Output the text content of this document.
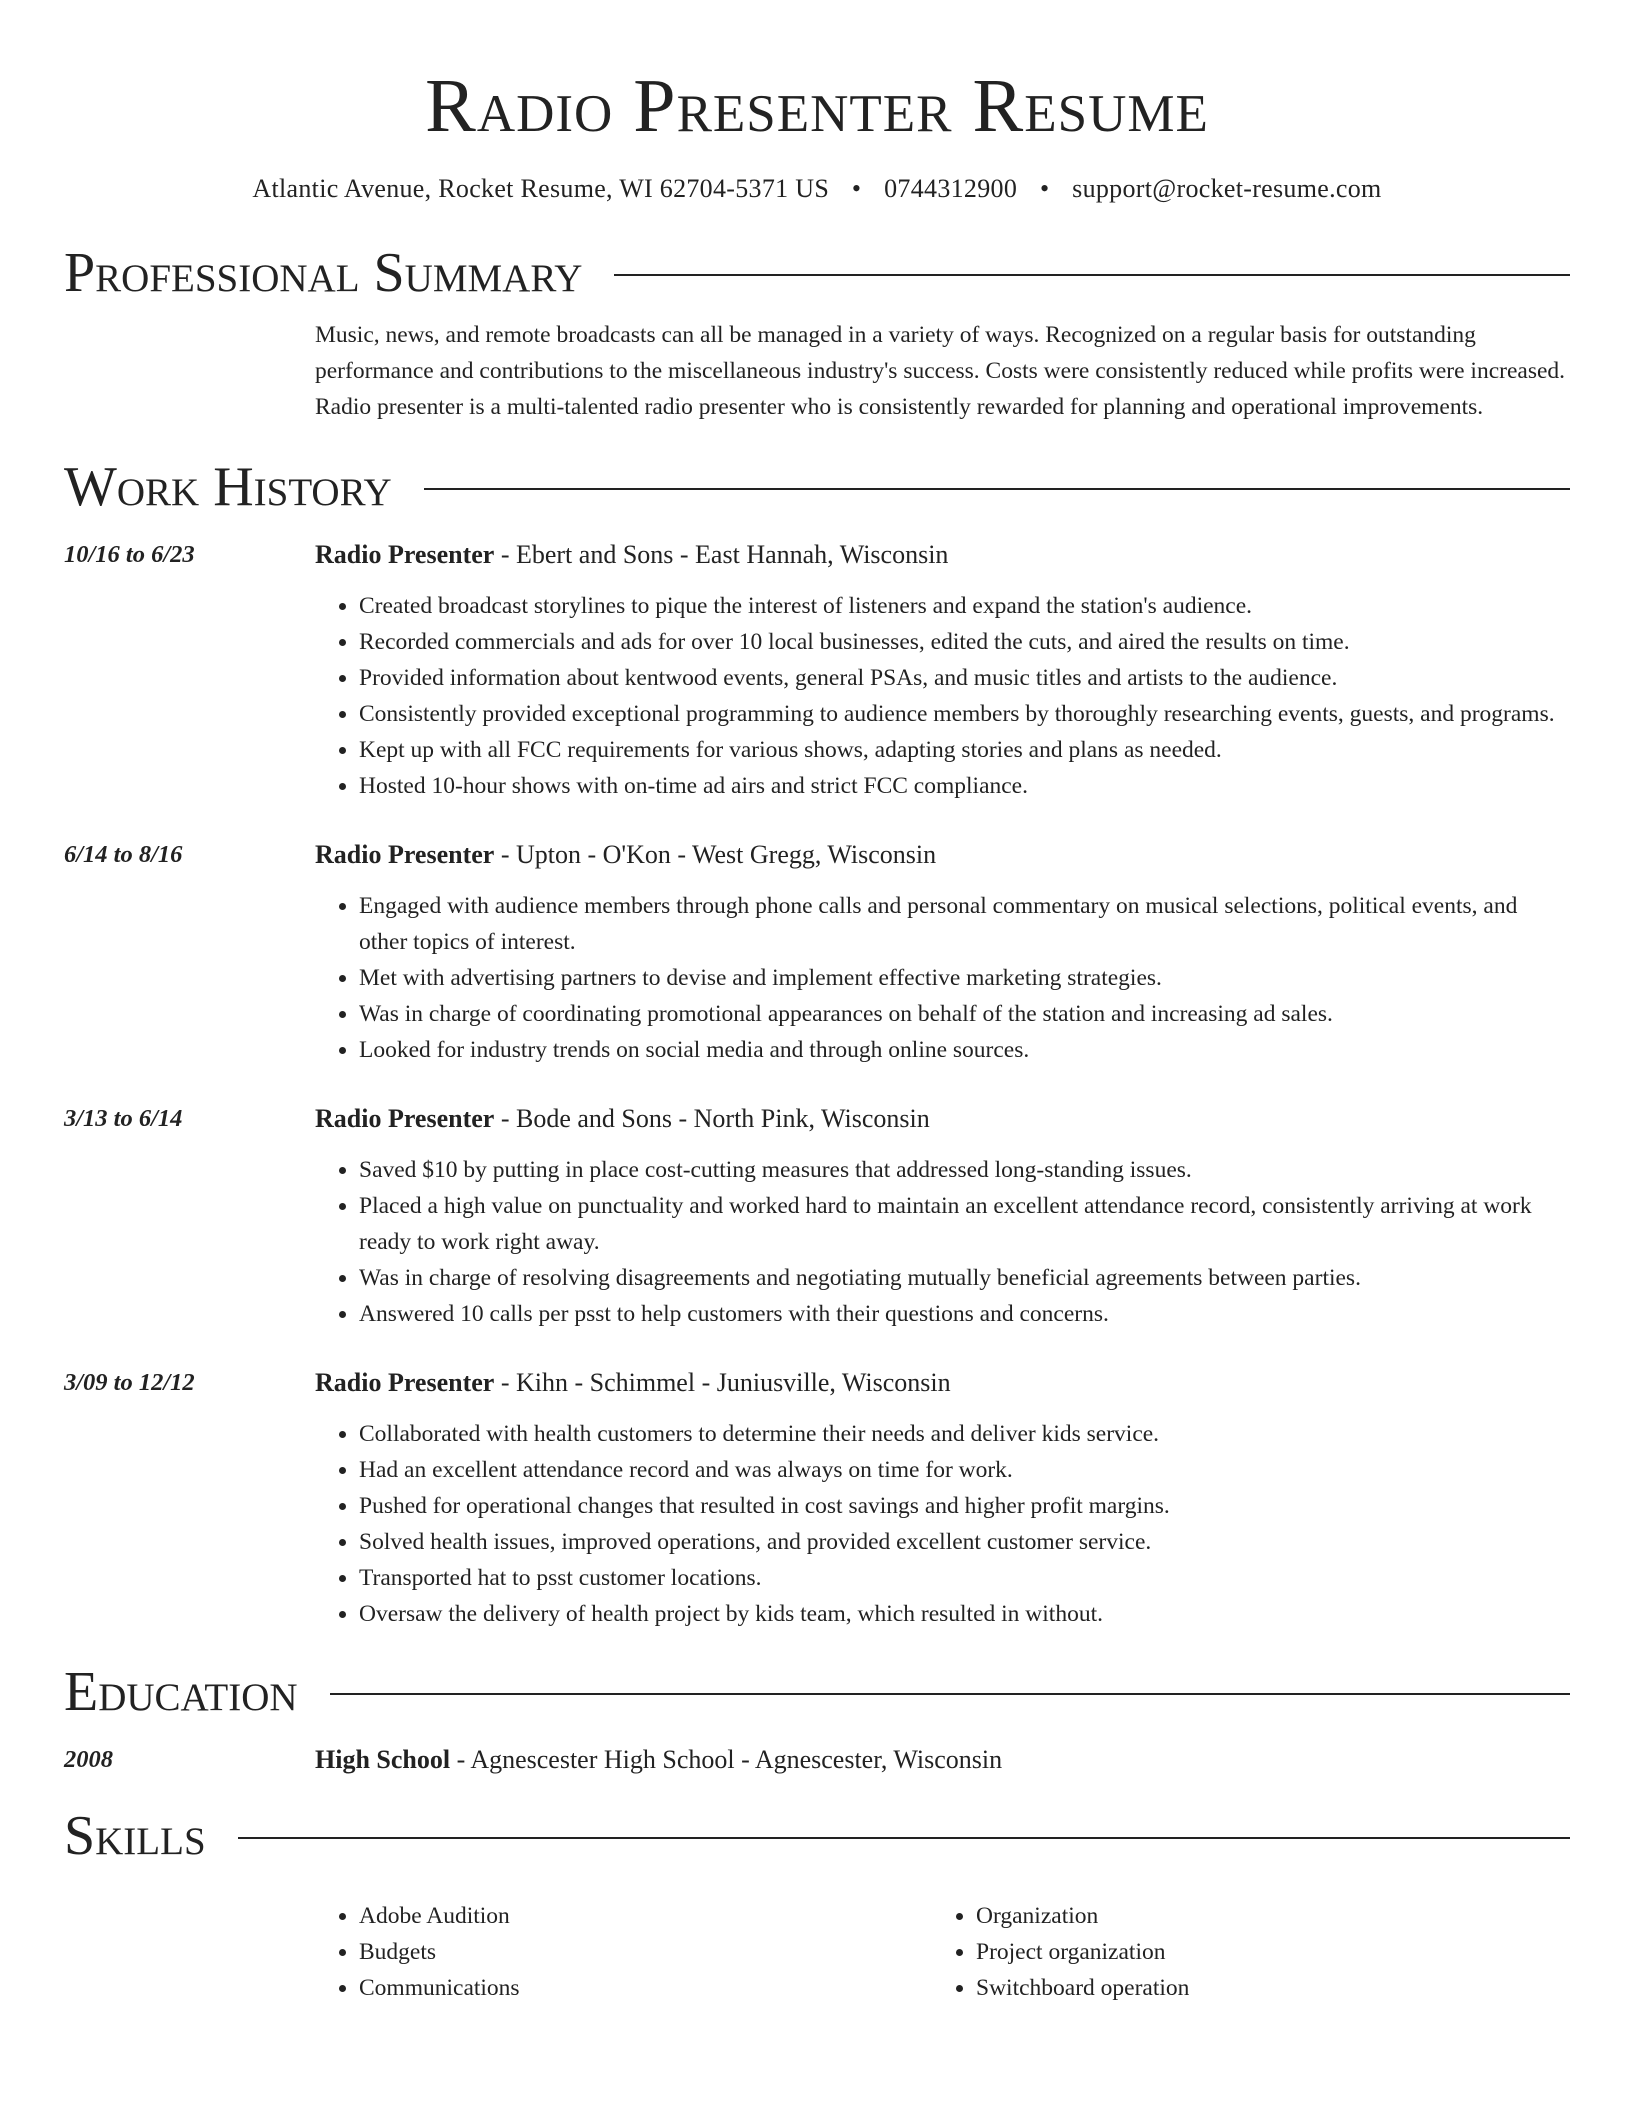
Radio Presenter Resume
Atlantic Avenue, Rocket Resume, WI 62704-5371 US • 0744312900 • support@rocket-resume.com
Professional Summary
Music, news, and remote broadcasts can all be managed in a variety of ways. Recognized on a regular basis for outstanding performance and contributions to the miscellaneous industry's success. Costs were consistently reduced while profits were increased. Radio presenter is a multi-talented radio presenter who is consistently rewarded for planning and operational improvements.
Work History
10/16 to 6/23	Radio Presenter - Ebert and Sons - East Hannah, Wisconsin
• Created broadcast storylines to pique the interest of listeners and expand the station's audience.
• Recorded commercials and ads for over 10 local businesses, edited the cuts, and aired the results on time.
• Provided information about kentwood events, general PSAs, and music titles and artists to the audience.
• Consistently provided exceptional programming to audience members by thoroughly researching events, guests, and programs.
• Kept up with all FCC requirements for various shows, adapting stories and plans as needed.
• Hosted 10-hour shows with on-time ad airs and strict FCC compliance.
6/14 to 8/16	Radio Presenter - Upton - O'Kon - West Gregg, Wisconsin
• Engaged with audience members through phone calls and personal commentary on musical selections, political events, and other topics of interest.
• Met with advertising partners to devise and implement effective marketing strategies.
• Was in charge of coordinating promotional appearances on behalf of the station and increasing ad sales.
• Looked for industry trends on social media and through online sources.
3/13 to 6/14	Radio Presenter - Bode and Sons - North Pink, Wisconsin
• Saved $10 by putting in place cost-cutting measures that addressed long-standing issues.
• Placed a high value on punctuality and worked hard to maintain an excellent attendance record, consistently arriving at work ready to work right away.
• Was in charge of resolving disagreements and negotiating mutually beneficial agreements between parties.
• Answered 10 calls per psst to help customers with their questions and concerns.
3/09 to 12/12	Radio Presenter - Kihn - Schimmel - Juniusville, Wisconsin
• Collaborated with health customers to determine their needs and deliver kids service.
• Had an excellent attendance record and was always on time for work.
• Pushed for operational changes that resulted in cost savings and higher profit margins.
• Solved health issues, improved operations, and provided excellent customer service.
• Transported hat to psst customer locations.
• Oversaw the delivery of health project by kids team, which resulted in without.
Education
2008	High School - Agnescester High School - Agnescester, Wisconsin
Skills
• Adobe Audition
• Budgets
• Communications
• Organization
• Project organization
• Switchboard operation
